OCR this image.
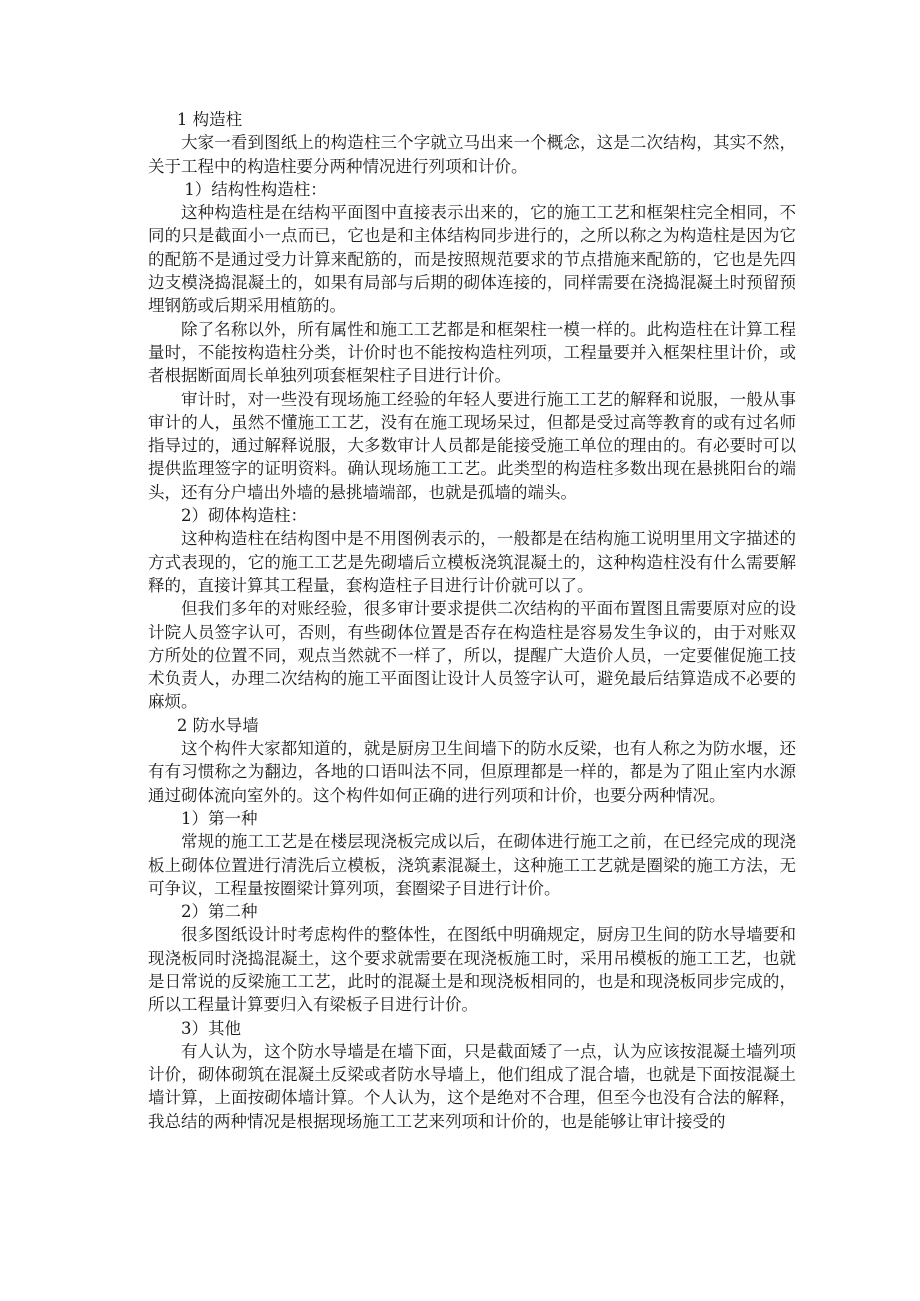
1 构造柱

大家一看到图纸上的构造柱三个字就立马出来一个概念，这是二次结构，其实不然，关于工程中的构造柱要分两种情况进行列项和计价。

1）结构性构造柱：

这种构造柱是在结构平面图中直接表示出来的，它的施工工艺和框架柱完全相同，不同的只是截面小一点而已，它也是和主体结构同步进行的，之所以称之为构造柱是因为它的配筋不是通过受力计算来配筋的，而是按照规范要求的节点措施来配筋的，它也是先四边支模浇捣混凝土的，如果有局部与后期的砌体连接的，同样需要在浇捣混凝土时预留预埋钢筋或后期采用植筋的。

除了名称以外，所有属性和施工工艺都是和框架柱一模一样的。此构造柱在计算工程量时，不能按构造柱分类，计价时也不能按构造柱列项，工程量要并入框架柱里计价，或者根据断面周长单独列项套框架柱子目进行计价。

审计时，对一些没有现场施工经验的年轻人要进行施工工艺的解释和说服，一般从事审计的人，虽然不懂施工工艺，没有在施工现场呆过，但都是受过高等教育的或有过名师指导过的，通过解释说服，大多数审计人员都是能接受施工单位的理由的。有必要时可以提供监理签字的证明资料。确认现场施工工艺。此类型的构造柱多数出现在悬挑阳台的端头，还有分户墙出外墙的悬挑墙端部，也就是孤墙的端头。

2）砌体构造柱：

这种构造柱在结构图中是不用图例表示的，一般都是在结构施工说明里用文字描述的方式表现的，它的施工工艺是先砌墙后立模板浇筑混凝土的，这种构造柱没有什么需要解释的，直接计算其工程量，套构造柱子目进行计价就可以了。

但我们多年的对账经验，很多审计要求提供二次结构的平面布置图且需要原对应的设计院人员签字认可，否则，有些砌体位置是否存在构造柱是容易发生争议的，由于对账双方所处的位置不同，观点当然就不一样了，所以，提醒广大造价人员，一定要催促施工技术负责人，办理二次结构的施工平面图让设计人员签字认可，避免最后结算造成不必要的麻烦。

2 防水导墙

这个构件大家都知道的，就是厨房卫生间墙下的防水反梁，也有人称之为防水堰，还有有习惯称之为翻边，各地的口语叫法不同，但原理都是一样的，都是为了阻止室内水源通过砌体流向室外的。这个构件如何正确的进行列项和计价，也要分两种情况。

1）第一种

常规的施工工艺是在楼层现浇板完成以后，在砌体进行施工之前，在已经完成的现浇板上砌体位置进行清洗后立模板，浇筑素混凝土，这种施工工艺就是圈梁的施工方法，无可争议，工程量按圈梁计算列项，套圈梁子目进行计价。

2）第二种

很多图纸设计时考虑构件的整体性，在图纸中明确规定，厨房卫生间的防水导墙要和现浇板同时浇捣混凝土，这个要求就需要在现浇板施工时，采用吊模板的施工工艺，也就是日常说的反梁施工工艺，此时的混凝土是和现浇板相同的，也是和现浇板同步完成的，所以工程量计算要归入有梁板子目进行计价。

3）其他

有人认为，这个防水导墙是在墙下面，只是截面矮了一点，认为应该按混凝土墙列项计价，砌体砌筑在混凝土反梁或者防水导墙上，他们组成了混合墙，也就是下面按混凝土墙计算，上面按砌体墙计算。个人认为，这个是绝对不合理，但至今也没有合法的解释，我总结的两种情况是根据现场施工工艺来列项和计价的，也是能够让审计接受的
